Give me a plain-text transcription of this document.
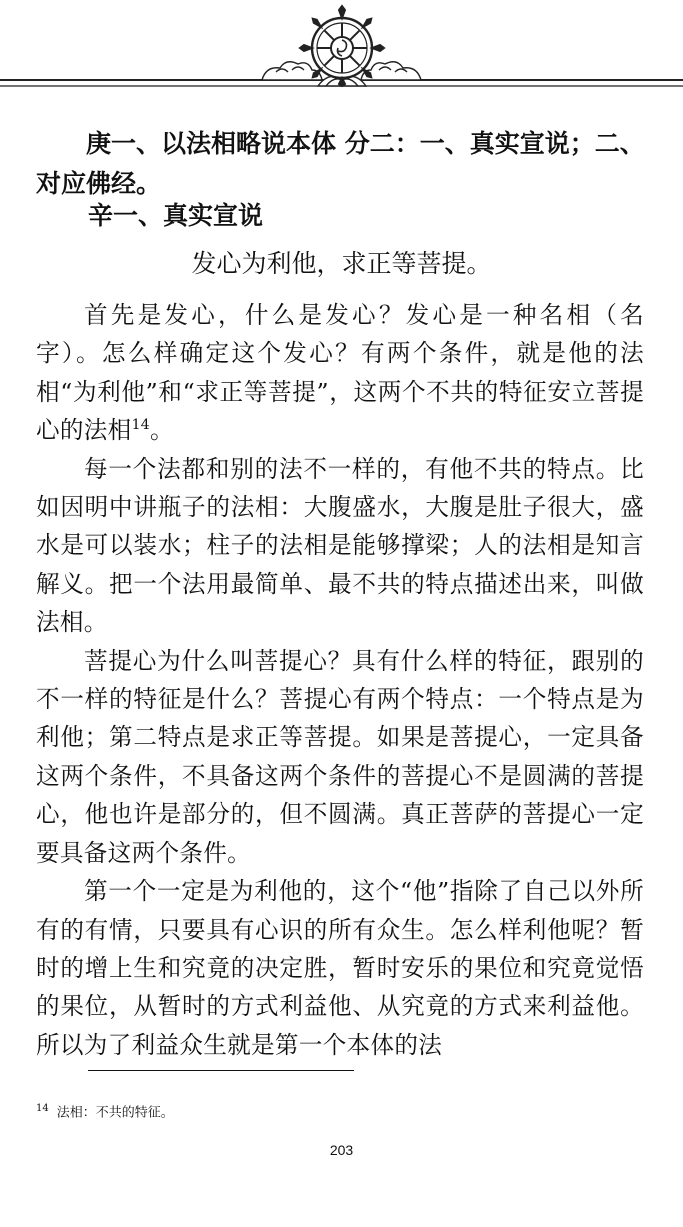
庚一、以法相略说本体 分二：一、真实宣说；二、对应佛经。
辛一、真实宣说

发心为利他，求正等菩提。

首先是发心，什么是发心？发心是一种名相（名字）。怎么样确定这个发心？有两个条件，就是他的法相“为利他”和“求正等菩提”，这两个不共的特征安立菩提心的法相$^{14}$。

每一个法都和别的法不一样的，有他不共的特点。比如因明中讲瓶子的法相：大腹盛水，大腹是肚子很大，盛水是可以装水；柱子的法相是能够撑梁；人的法相是知言解义。把一个法用最简单、最不共的特点描述出来，叫做法相。

菩提心为什么叫菩提心？具有什么样的特征，跟别的不一样的特征是什么？菩提心有两个特点：一个特点是为利他；第二特点是求正等菩提。如果是菩提心，一定具备这两个条件，不具备这两个条件的菩提心不是圆满的菩提心，他也许是部分的，但不圆满。真正菩萨的菩提心一定要具备这两个条件。

第一个一定是为利他的，这个“他”指除了自己以外所有的有情，只要具有心识的所有众生。怎么样利他呢？暂时的增上生和究竟的决定胜，暂时安乐的果位和究竟觉悟的果位，从暂时的方式利益他、从究竟的方式来利益他。所以为了利益众生就是第一个本体的法

$^{14}$ 法相：不共的特征。
203
